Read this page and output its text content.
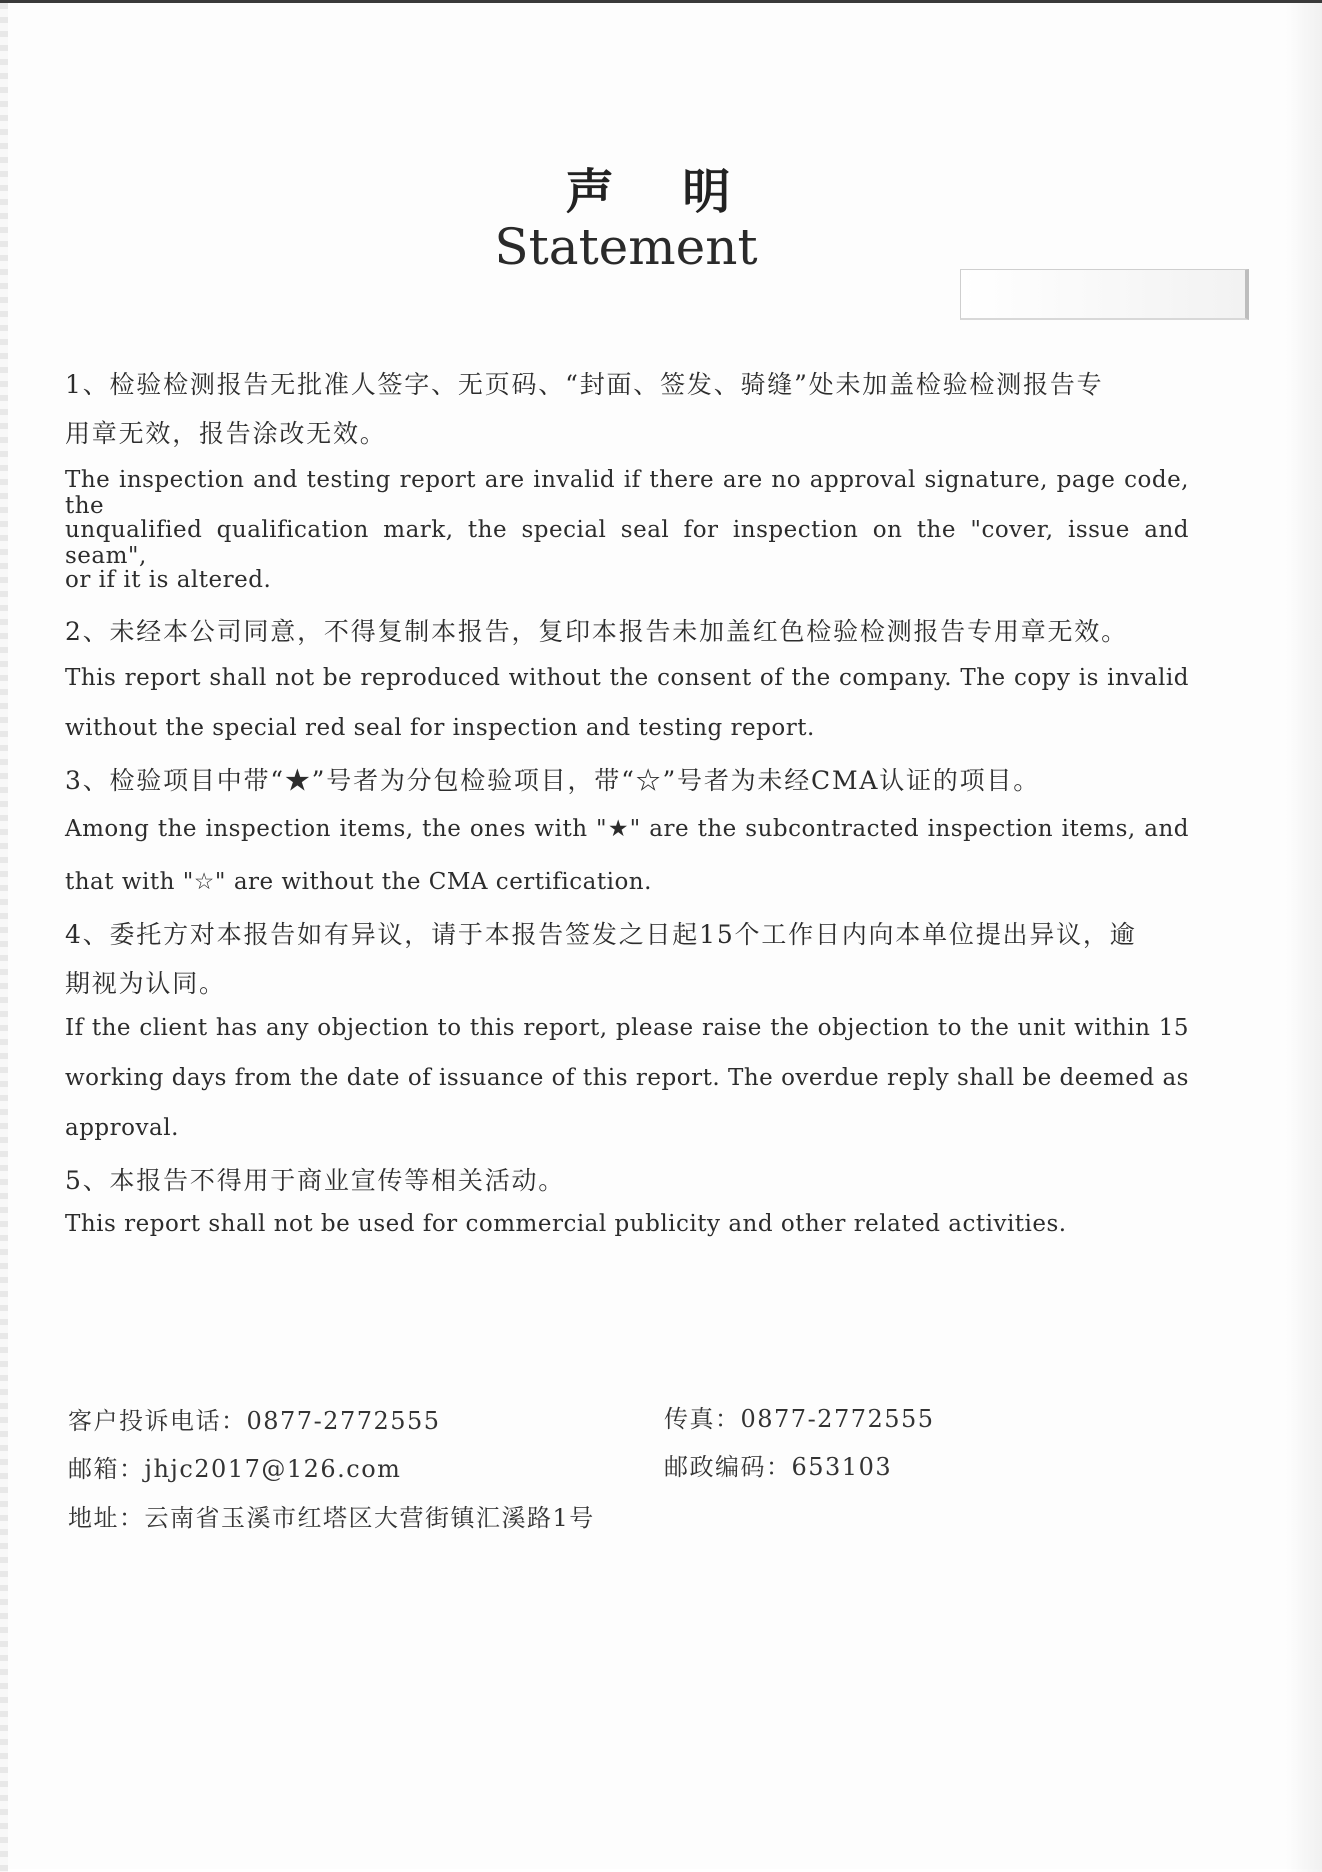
声 明
Statement
1、检验检测报告无批准人签字、无页码、“封面、签发、骑缝”处未加盖检验检测报告专
用章无效，报告涂改无效。
The inspection and testing report are invalid if there are no approval signature, page code, the
unqualified qualification mark, the special seal for inspection on the "cover, issue and seam",
or if it is altered.
2、未经本公司同意，不得复制本报告，复印本报告未加盖红色检验检测报告专用章无效。
This report shall not be reproduced without the consent of the company. The copy is invalid
without the special red seal for inspection and testing report.
3、检验项目中带“★”号者为分包检验项目，带“☆”号者为未经CMA认证的项目。
Among the inspection items, the ones with "★" are the subcontracted inspection items, and
that with "☆" are without the CMA certification.
4、委托方对本报告如有异议，请于本报告签发之日起15个工作日内向本单位提出异议，逾
期视为认同。
If the client has any objection to this report, please raise the objection to the unit within 15
working days from the date of issuance of this report. The overdue reply shall be deemed as
approval.
5、本报告不得用于商业宣传等相关活动。
This report shall not be used for commercial publicity and other related activities.
客户投诉电话：0877-2772555	传真：0877-2772555
邮箱：jhjc2017@126.com	邮政编码：653103
地址：云南省玉溪市红塔区大营街镇汇溪路1号
